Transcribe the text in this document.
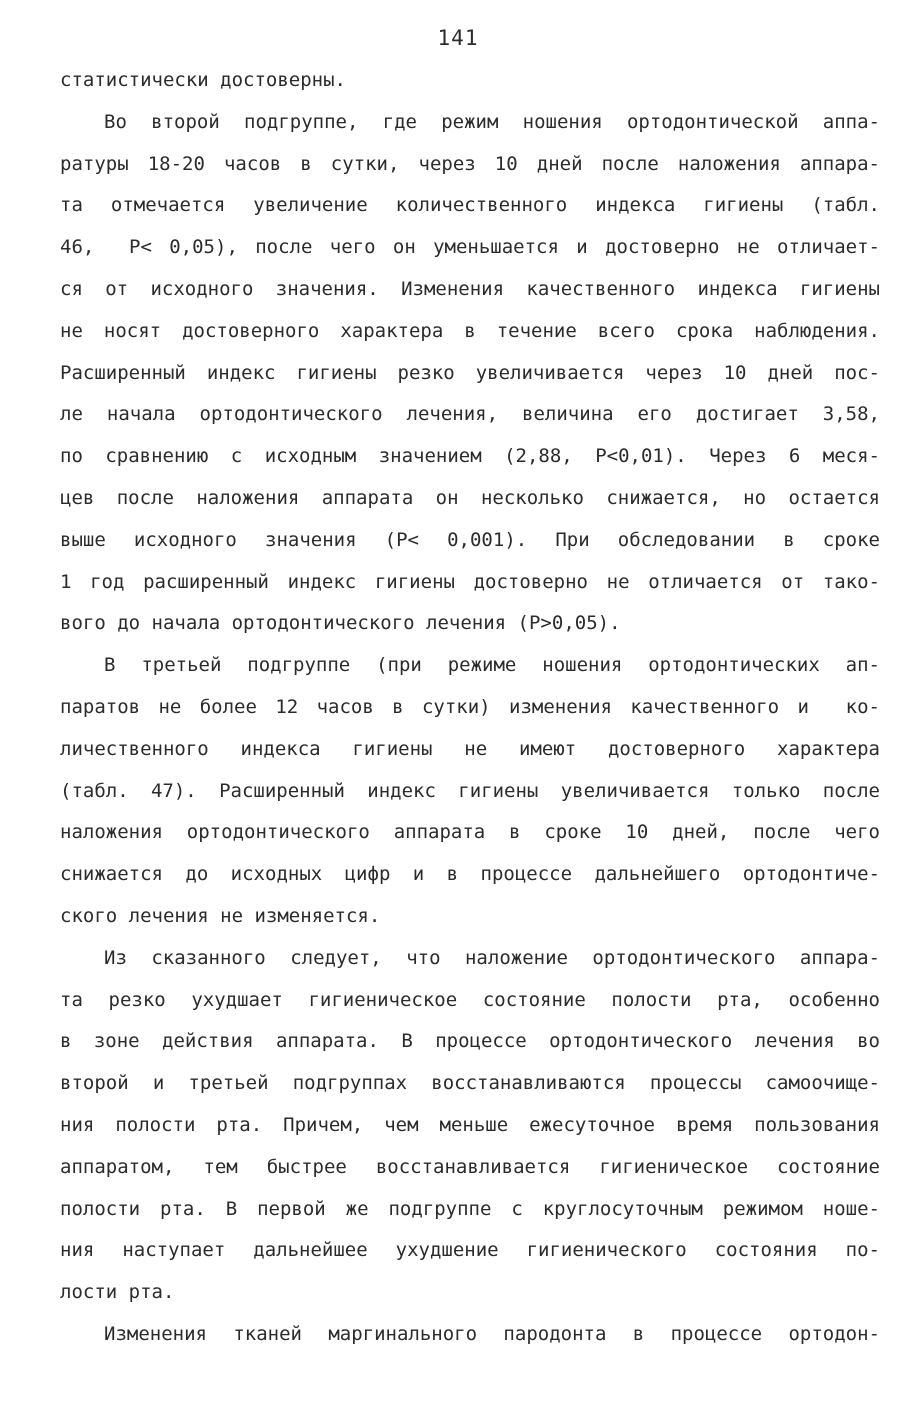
141
статистически достоверны.
Во второй подгруппе, где режим ношения ортодонтической аппа-
ратуры 18-20 часов в сутки, через 10 дней после наложения аппара-
та отмечается увеличение количественного индекса гигиены (табл.
46,  P< 0,05), после чего он уменьшается и достоверно не отличает-
ся от исходного значения. Изменения качественного индекса гигиены
не носят достоверного характера в течение всего срока наблюдения.
Расширенный индекс гигиены резко увеличивается через 10 дней пос-
ле начала ортодонтического лечения, величина его достигает 3,58,
по сравнению с исходным значением (2,88, P<0,01). Через 6 меся-
цев после наложения аппарата он несколько снижается, но остается
выше исходного значения (P< 0,001). При обследовании в сроке
1 год расширенный индекс гигиены достоверно не отличается от тако-
вого до начала ортодонтического лечения (P>0,05).
В третьей подгруппе (при режиме ношения ортодонтических ап-
паратов не более 12 часов в сутки) изменения качественного и  ко-
личественного индекса гигиены не имеют достоверного характера
(табл. 47). Расширенный индекс гигиены увеличивается только после
наложения ортодонтического аппарата в сроке 10 дней, после чего
снижается до исходных цифр и в процессе дальнейшего ортодонтиче-
ского лечения не изменяется.
Из сказанного следует, что наложение ортодонтического аппара-
та резко ухудшает гигиеническое состояние полости рта, особенно
в зоне действия аппарата. В процессе ортодонтического лечения во
второй и третьей подгруппах восстанавливаются процессы самоочище-
ния полости рта. Причем, чем меньше ежесуточное время пользования
аппаратом, тем быстрее восстанавливается гигиеническое состояние
полости рта. В первой же подгруппе с круглосуточным режимом ноше-
ния наступает дальнейшее ухудшение гигиенического состояния по-
лости рта.
Изменения тканей маргинального пародонта в процессе ортодон-
